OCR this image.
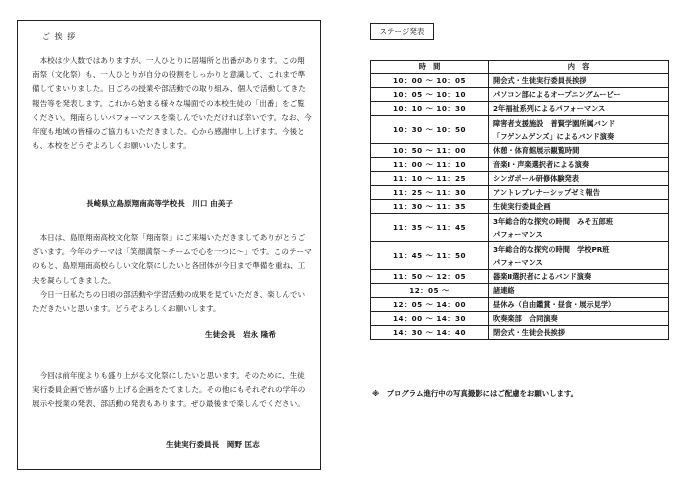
ご 挨 拶

　本校は少人数ではありますが、一人ひとりに居場所と出番があります。この翔南祭（文化祭）も、一人ひとりが自分の役割をしっかりと意識して、これまで準備してまいりました。日ごろの授業や部活動での取り組み、個人で活動してきた報告等を発表します。これから始まる様々な場面での本校生徒の「出番」をご覧ください。翔南らしいパフォーマンスを楽しんでいただければ幸いです。なお、今年度も地域の皆様のご協力もいただきました。心から感謝申し上げます。今後とも、本校をどうぞよろしくお願いいたします。

長崎県立島原翔南高等学校長　川口 由美子

　本日は、島原翔南高校文化祭「翔南祭」にご来場いただきましてありがとうございます。今年のテーマは「笑顔満祭～チームで心を一つに～」です。このテーマのもと、島原翔南高校らしい文化祭にしたいと各団体が今日まで準備を重ね、工夫を凝らしてきました。
　今日一日私たちの日頃の部活動や学習活動の成果を見ていただき、楽しんでいただきたいと思います。どうぞよろしくお願いします。

生徒会長　岩永 隆希

　今回は前年度よりも盛り上がる文化祭にしたいと思います。そのために、生徒実行委員企画で皆が盛り上げる企画をたてました。その他にもそれぞれの学年の展示や授業の発表、部活動の発表もあります。ぜひ最後まで楽しんでください。

生徒実行委員長　岡野 匡志
ステージ発表
時　間	内　容
10：00 ～ 10：05	開会式・生徒実行委員長挨拶
10：05 ～ 10：10	パソコン部によるオープニングムービー
10：10 ～ 10：30	2年福祉系列によるパフォーマンス
10：30 ～ 10：50	障害者支援施設　普賢学園所属バンド
「フゲンムゲンズ」によるバンド演奏
10：50 ～ 11：00	休憩・体育館展示観覧時間
11：00 ～ 11：10	音楽Ⅰ・声楽選択者による演奏
11：10 ～ 11：25	シンガポール研修体験発表
11：25 ～ 11：30	アントレプレナーシップゼミ報告
11：30 ～ 11：35	生徒実行委員企画
11：35 ～ 11：45	3年総合的な探究の時間　みそ五郎班
パフォーマンス
11：45 ～ 11：50	3年総合的な探究の時間　学校PR班
パフォーマンス
11：50 ～ 12：05	器楽Ⅱ選択者によるバンド演奏
12：05 ～	諸連絡
12：05 ～ 14：00	昼休み（自由鑑賞・昼食・展示見学）
14：00 ～ 14：30	吹奏楽部　合同演奏
14：30 ～ 14：40	閉会式・生徒会長挨拶
※　プログラム進行中の写真撮影にはご配慮をお願いします。
